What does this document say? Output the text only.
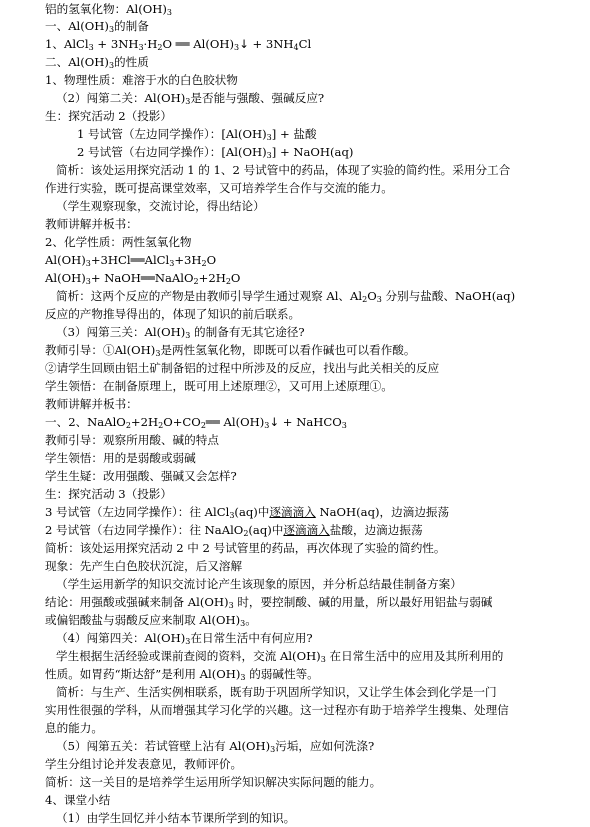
铝的氢氧化物：$Al(OH)_3$
一、$Al(OH)_3$的制备
1、AlCl$_3$ + $3NH_3\cdot H_2O$ ══ $Al(OH)_3↓ + 3NH_4Cl$
二、$Al(OH)_3$的性质
1、物理性质：难溶于水的白色胶状物
（2）闯第二关：$Al(OH)_3$是否能与强酸、强碱反应?
生：探究活动 2（投影）
1 号试管（左边同学操作）：$[Al(OH)_3]$ + 盐酸
2 号试管（右边同学操作）：$[Al(OH)_3]$ + NaOH(aq)
简析：该处运用探究活动 1 的 1、2 号试管中的药品，体现了实验的简约性。采用分工合
作进行实验，既可提高课堂效率，又可培养学生合作与交流的能力。
（学生观察现象，交流讨论，得出结论）
教师讲解并板书：
2、化学性质：两性氢氧化物
$Al(OH)_3+3HCl══AlCl_3+3H_2O$
$Al(OH)_3+$ $NaOH══NaAlO_2+2H_2O$
简析：这两个反应的产物是由教师引导学生通过观察 Al、$Al_2O_3$ 分别与盐酸、NaOH(aq)
反应的产物推导得出的，体现了知识的前后联系。
（3）闯第三关：$Al(OH)_3$ 的制备有无其它途径?
教师引导：$①Al(OH)_3$是两性氢氧化物，即既可以看作碱也可以看作酸。
②请学生回顾由铝土矿制备铝的过程中所涉及的反应，找出与此关相关的反应
学生领悟：在制备原理上，既可用上述原理②，又可用上述原理①。
教师讲解并板书：
一、2、$NaAlO_2+2H_2O+CO_2══$ $Al(OH)_3↓$ + NaHCO$_3$
教师引导：观察所用酸、碱的特点
学生领悟：用的是弱酸或弱碱
学生生疑：改用强酸、强碱又会怎样?
生：探究活动 3（投影）
3 号试管（左边同学操作）：往 AlCl$_3$(aq)中逐滴滴入 NaOH(aq)，边滴边振荡
2 号试管（右边同学操作）：往 NaAlO$_2$(aq)中逐滴滴入盐酸，边滴边振荡
简析：该处运用探究活动 2 中 2 号试管里的药品，再次体现了实验的简约性。
现象：先产生白色胶状沉淀，后又溶解
（学生运用新学的知识交流讨论产生该现象的原因，并分析总结最佳制备方案）
结论：用强酸或强碱来制备 $Al(OH)_3$ 时，要控制酸、碱的用量，所以最好用铝盐与弱碱
或偏铝酸盐与弱酸反应来制取 $Al(OH)_3$。
（4）闯第四关：$Al(OH)_3$在日常生活中有何应用?
学生根据生活经验或课前查阅的资料，交流 $Al(OH)_3$ 在日常生活中的应用及其所利用的
性质。如胃药“斯达舒”是利用 $Al(OH)_3$ 的弱碱性等。
简析：与生产、生活实例相联系，既有助于巩固所学知识，又让学生体会到化学是一门
实用性很强的学科，从而增强其学习化学的兴趣。这一过程亦有助于培养学生搜集、处理信
息的能力。
（5）闯第五关：若试管壁上沾有 $Al(OH)_3$污垢，应如何洗涤?
学生分组讨论并发表意见，教师评价。
简析：这一关目的是培养学生运用所学知识解决实际问题的能力。
4、课堂小结
（1）由学生回忆并小结本节课所学到的知识。
